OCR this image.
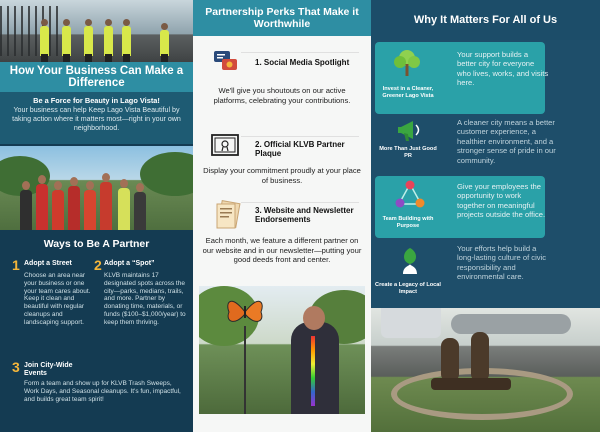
How Your Business Can Make a Difference
Be a Force for Beauty in Lago Vista!
Your business can help Keep Lago Vista Beautiful by taking action where it matters most—right in your own neighborhood.
Ways to Be A Partner
1 Adopt a Street
Choose an area near your business or one your team cares about. Keep it clean and beautiful with regular cleanups and landscaping support.
2 Adopt a “Spot”
KLVB maintains 17 designated spots across the city—parks, medians, trails, and more. Partner by donating time, materials, or funds ($100–$1,000/year) to keep them thriving.
3 Join City-Wide Events
Form a team and show up for KLVB Trash Sweeps, Work Days, and Seasonal cleanups. It's fun, impactful, and builds great team spirit!
Partnership Perks That Make it Worthwhile
1. Social Media Spotlight
We'll give you shoutouts on our active platforms, celebrating your contributions.
2. Official KLVB Partner Plaque
Display your commitment proudly at your place of business.
3. Website and Newsletter Endorsements
Each month, we feature a different partner on our website and in our newsletter—putting your good deeds front and center.
Why It Matters For All of Us
Invest in a Cleaner, Greener Lago Vista
Your support builds a better city for everyone who lives, works, and visits here.
More Than Just Good PR
A cleaner city means a better customer experience, a healthier environment, and a stronger sense of pride in our community.
Team Building with Purpose
Give your employees the opportunity to work together on meaningful projects outside the office.
Create a Legacy of Local Impact
Your efforts help build a long-lasting culture of civic responsibility and environmental care.
